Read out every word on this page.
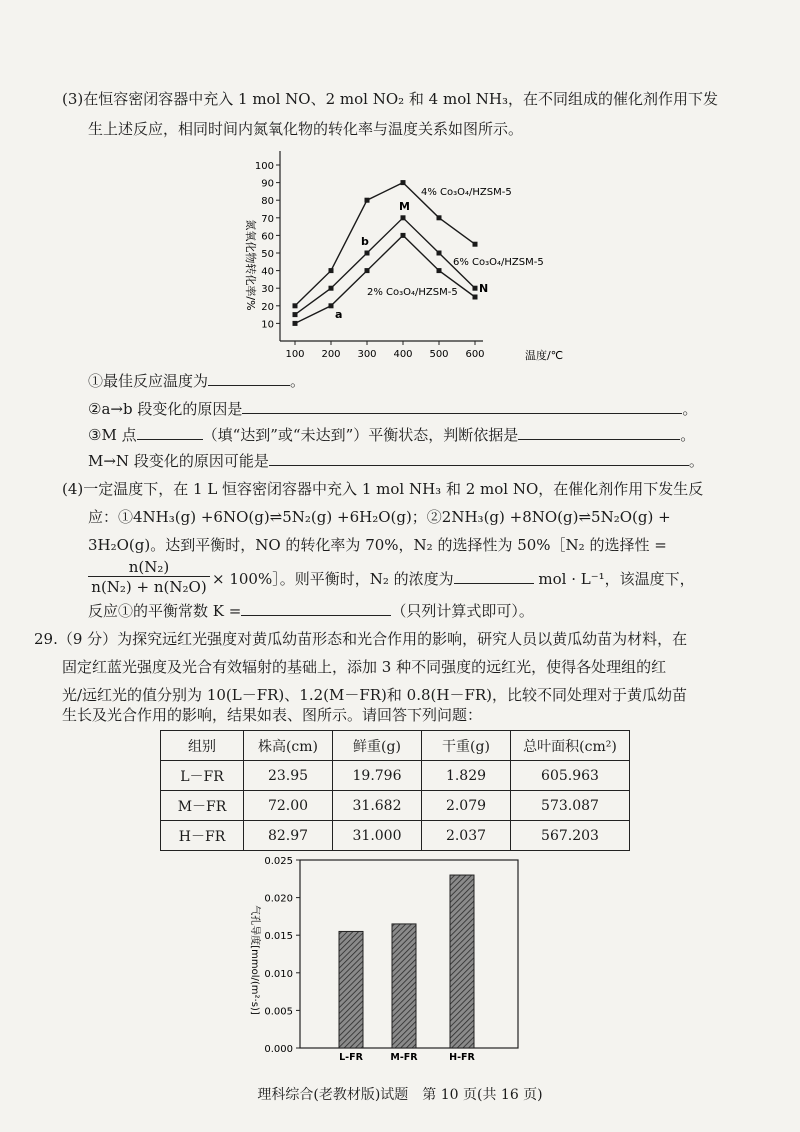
(3)在恒容密闭容器中充入 1 mol NO、2 mol NO₂ 和 4 mol NH₃，在不同组成的催化剂作用下发
生上述反应，相同时间内氮氧化物的转化率与温度关系如图所示。
10
20
30
40
50
60
70
80
90
100
100 200 300 400 500 600
4% Co₃O₄/HZSM-5
6% Co₃O₄/HZSM-5
2% Co₃O₄/HZSM-5
M
N
a
b
氮氧化物转化率/%
温度/℃
①最佳反应温度为	。
②a→b 段变化的原因是	。
③M 点	（填“达到”或“未达到”）平衡状态，判断依据是	。
M→N 段变化的原因可能是	。
(4)一定温度下，在 1 L 恒容密闭容器中充入 1 mol NH₃ 和 2 mol NO，在催化剂作用下发生反
应：①4NH₃(g) +6NO(g)⇌5N₂(g) +6H₂O(g)；②2NH₃(g) +8NO(g)⇌5N₂O(g) +
3H₂O(g)。达到平衡时，NO 的转化率为 70%，N₂ 的选择性为 50%［N₂ 的选择性 =
n(N₂)
n(N₂) + n(N₂O) × 100%］。则平衡时，N₂ 的浓度为	mol · L⁻¹，该温度下，
反应①的平衡常数 K =	（只列计算式即可）。
29.（9 分）为探究远红光强度对黄瓜幼苗形态和光合作用的影响，研究人员以黄瓜幼苗为材料，在
固定红蓝光强度及光合有效辐射的基础上，添加 3 种不同强度的远红光，使得各处理组的红
光/远红光的值分别为 10(L－FR)、1.2(M－FR)和 0.8(H－FR)，比较不同处理对于黄瓜幼苗
生长及光合作用的影响，结果如表、图所示。请回答下列问题：
组别	株高(cm)	鲜重(g)	干重(g)	总叶面积(cm²)
L－FR	23.95	19.796	1.829	605.963
M－FR	72.00	31.682	2.079	573.087
H－FR	82.97	31.000	2.037	567.203
0.000
0.005
0.010
0.015
0.020
0.025
L-FR	M-FR	H-FR
气孔导度[mmol/(m²·s)]
理科综合(老教材版)试题　第 10 页(共 16 页)
